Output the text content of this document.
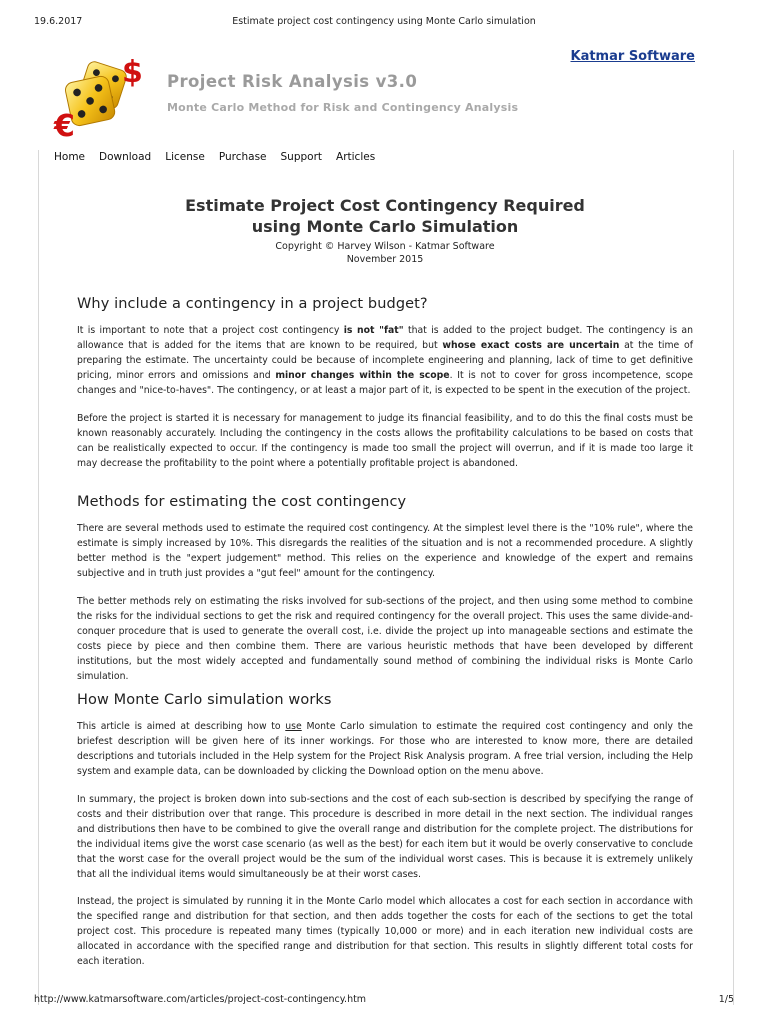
19.6.2017	Estimate project cost contingency using Monte Carlo simulation
$
€
Katmar Software
Project Risk Analysis v3.0
Monte Carlo Method for Risk and Contingency Analysis
Home Download License Purchase Support Articles
Estimate Project Cost Contingency Required
using Monte Carlo Simulation
Copyright © Harvey Wilson - Katmar Software
November 2015
Why include a contingency in a project budget?

It is important to note that a project cost contingency is not "fat" that is added to the project budget. The contingency is an allowance that is added for the items that are known to be required, but whose exact costs are uncertain at the time of preparing the estimate. The uncertainty could be because of incomplete engineering and planning, lack of time to get definitive pricing, minor errors and omissions and minor changes within the scope. It is not to cover for gross incompetence, scope changes and "nice-to-haves". The contingency, or at least a major part of it, is expected to be spent in the execution of the project.

Before the project is started it is necessary for management to judge its financial feasibility, and to do this the final costs must be known reasonably accurately. Including the contingency in the costs allows the profitability calculations to be based on costs that can be realistically expected to occur. If the contingency is made too small the project will overrun, and if it is made too large it may decrease the profitability to the point where a potentially profitable project is abandoned.

Methods for estimating the cost contingency

There are several methods used to estimate the required cost contingency. At the simplest level there is the "10% rule", where the estimate is simply increased by 10%. This disregards the realities of the situation and is not a recommended procedure. A slightly better method is the "expert judgement" method. This relies on the experience and knowledge of the expert and remains subjective and in truth just provides a "gut feel" amount for the contingency.

The better methods rely on estimating the risks involved for sub-sections of the project, and then using some method to combine the risks for the individual sections to get the risk and required contingency for the overall project. This uses the same divide-and-conquer procedure that is used to generate the overall cost, i.e. divide the project up into manageable sections and estimate the costs piece by piece and then combine them. There are various heuristic methods that have been developed by different institutions, but the most widely accepted and fundamentally sound method of combining the individual risks is Monte Carlo simulation.

How Monte Carlo simulation works

This article is aimed at describing how to use Monte Carlo simulation to estimate the required cost contingency and only the briefest description will be given here of its inner workings. For those who are interested to know more, there are detailed descriptions and tutorials included in the Help system for the Project Risk Analysis program. A free trial version, including the Help system and example data, can be downloaded by clicking the Download option on the menu above.

In summary, the project is broken down into sub-sections and the cost of each sub-section is described by specifying the range of costs and their distribution over that range. This procedure is described in more detail in the next section. The individual ranges and distributions then have to be combined to give the overall range and distribution for the complete project. The distributions for the individual items give the worst case scenario (as well as the best) for each item but it would be overly conservative to conclude that the worst case for the overall project would be the sum of the individual worst cases. This is because it is extremely unlikely that all the individual items would simultaneously be at their worst cases.

Instead, the project is simulated by running it in the Monte Carlo model which allocates a cost for each section in accordance with the specified range and distribution for that section, and then adds together the costs for each of the sections to get the total project cost. This procedure is repeated many times (typically 10,000 or more) and in each iteration new individual costs are allocated in accordance with the specified range and distribution for that section. This results in slightly different total costs for each iteration.

http://www.katmarsoftware.com/articles/project-cost-contingency.htm	1/5
